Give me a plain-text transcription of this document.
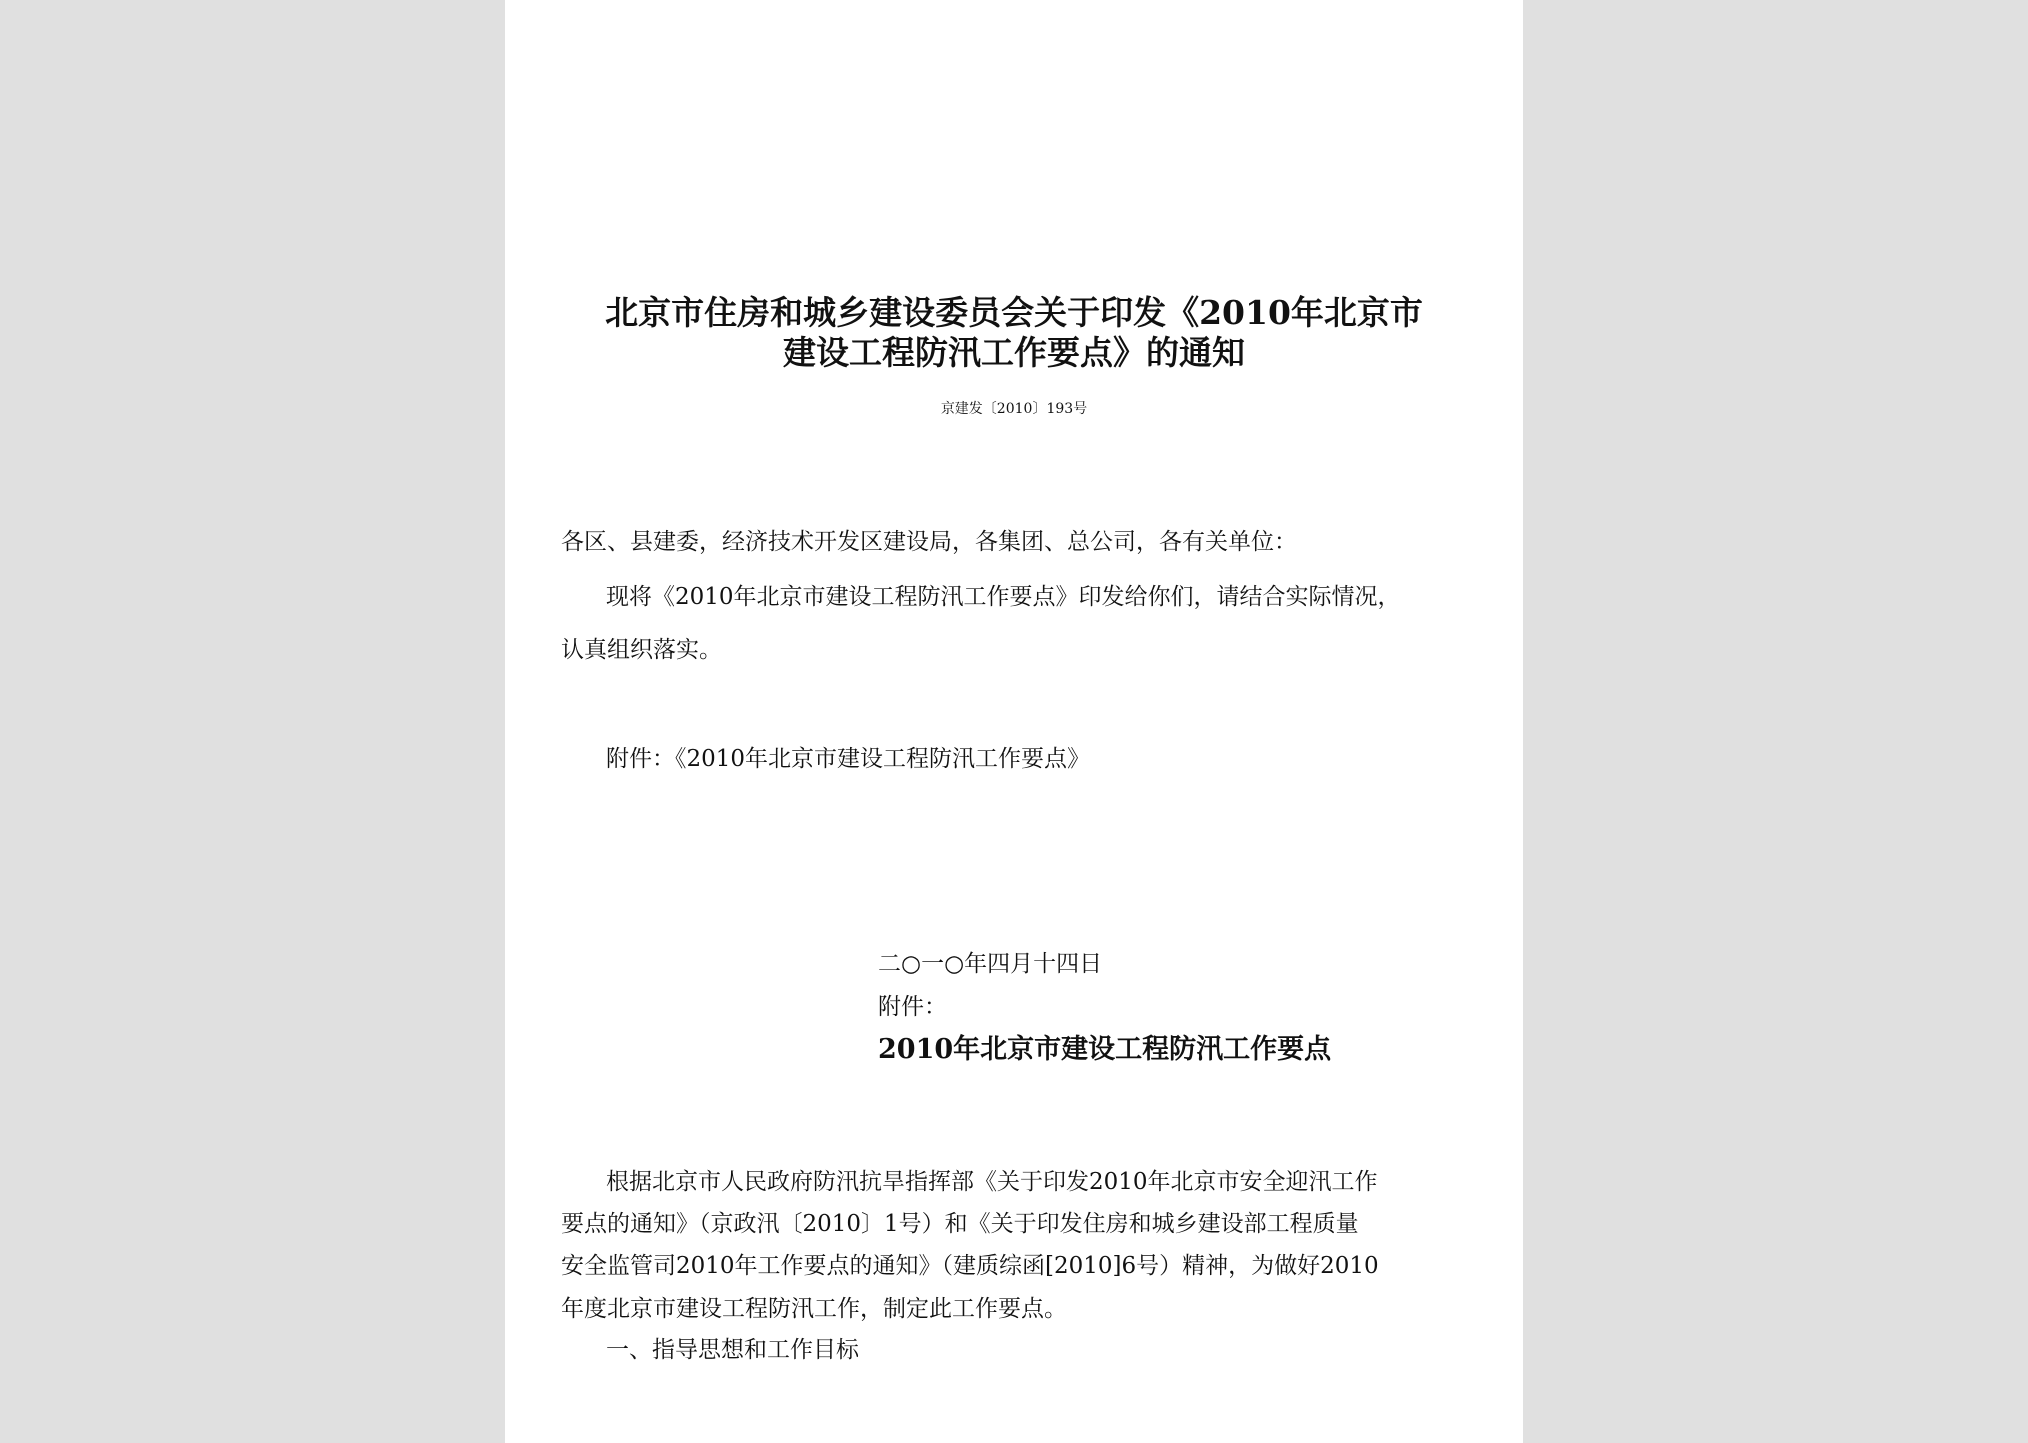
北京市住房和城乡建设委员会关于印发《2010年北京市
建设工程防汛工作要点》的通知
京建发〔2010〕193号
各区、县建委，经济技术开发区建设局，各集团、总公司，各有关单位：
现将《2010年北京市建设工程防汛工作要点》印发给你们，请结合实际情况，
认真组织落实。
附件：《2010年北京市建设工程防汛工作要点》
二○一○年四月十四日
附件：
2010年北京市建设工程防汛工作要点
根据北京市人民政府防汛抗旱指挥部《关于印发2010年北京市安全迎汛工作
要点的通知》（京政汛〔2010〕1号）和《关于印发住房和城乡建设部工程质量
安全监管司2010年工作要点的通知》（建质综函[2010]6号）精神，为做好2010
年度北京市建设工程防汛工作，制定此工作要点。
一、指导思想和工作目标
